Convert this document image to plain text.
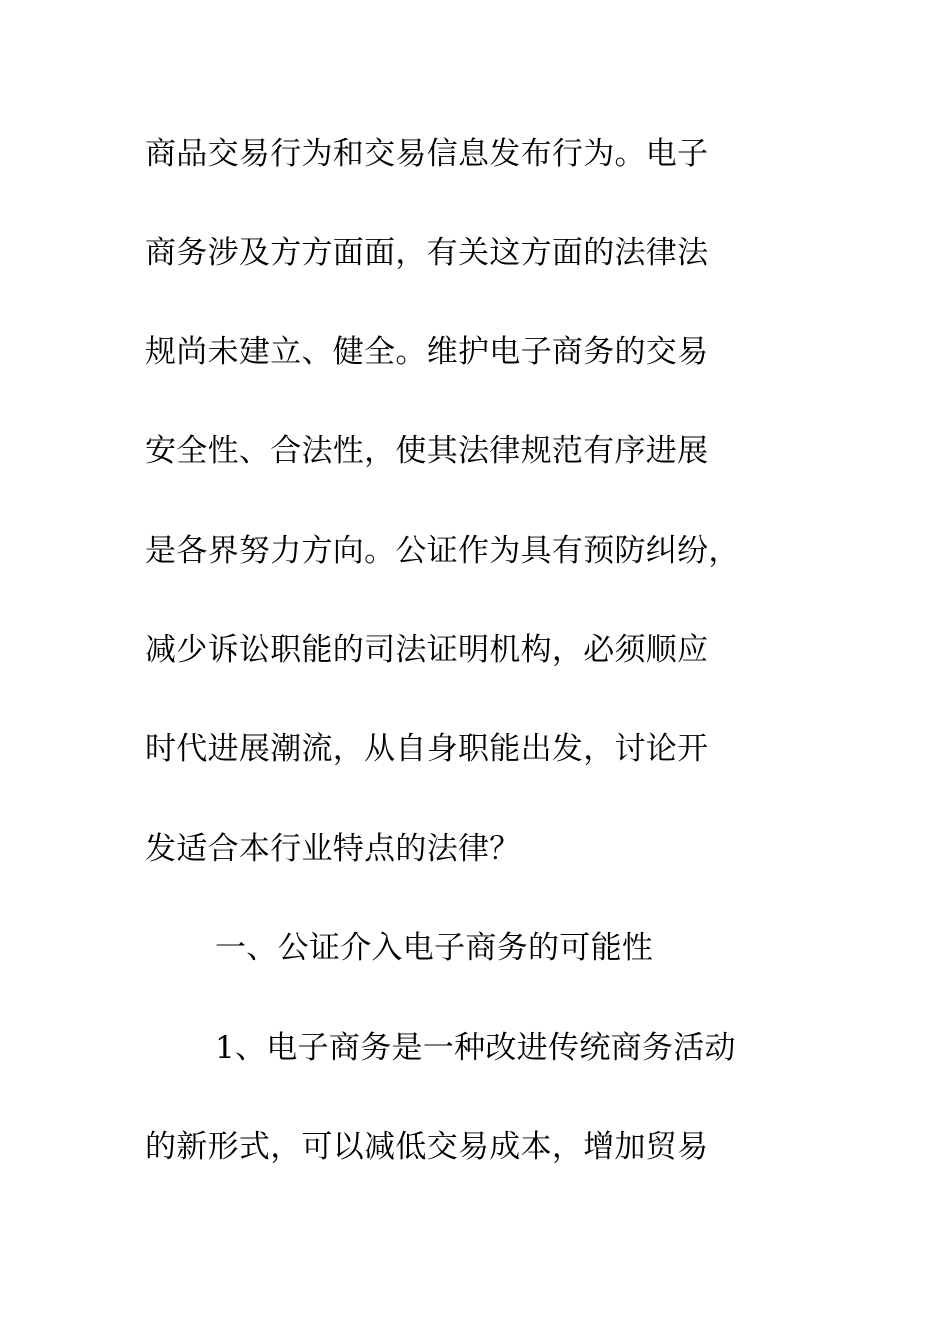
商品交易行为和交易信息发布行为。电子
商务涉及方方面面，有关这方面的法律法
规尚未建立、健全。维护电子商务的交易
安全性、合法性，使其法律规范有序进展
是各界努力方向。公证作为具有预防纠纷，
减少诉讼职能的司法证明机构，必须顺应
时代进展潮流，从自身职能出发，讨论开
发适合本行业特点的法律？
一、公证介入电子商务的可能性
1、电子商务是一种改进传统商务活动
的新形式，可以减低交易成本，增加贸易
